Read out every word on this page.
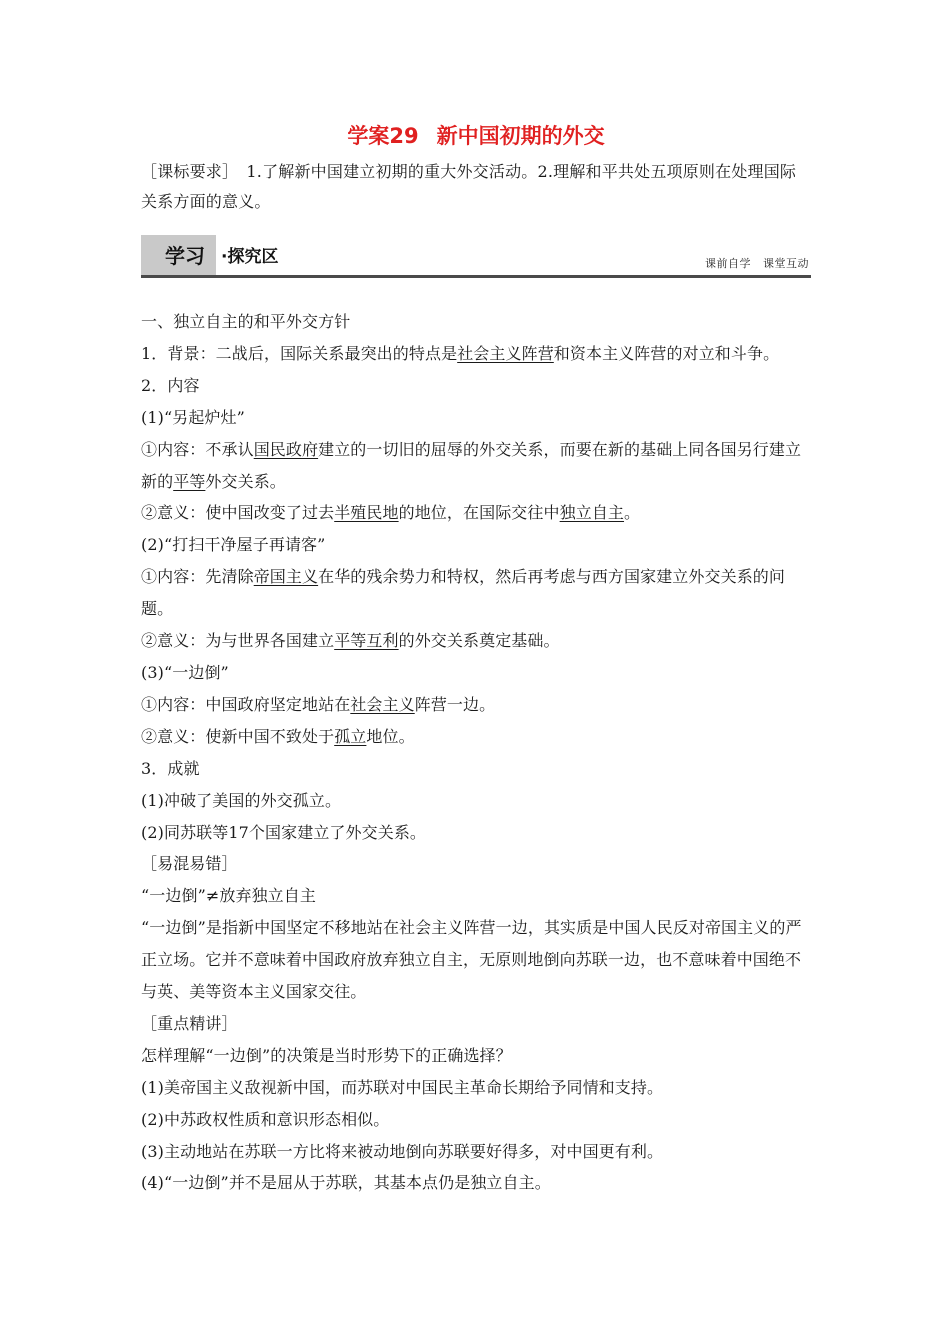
学案29 新中国初期的外交
［课标要求］　1.了解新中国建立初期的重大外交活动。2.理解和平共处五项原则在处理国际关系方面的意义。
学习 ·探究区	课前自学 课堂互动

一、独立自主的和平外交方针

1．背景：二战后，国际关系最突出的特点是社会主义阵营和资本主义阵营的对立和斗争。

2．内容

(1)“另起炉灶”

①内容：不承认国民政府建立的一切旧的屈辱的外交关系，而要在新的基础上同各国另行建立新的平等外交关系。

②意义：使中国改变了过去半殖民地的地位，在国际交往中独立自主。

(2)“打扫干净屋子再请客”

①内容：先清除帝国主义在华的残余势力和特权，然后再考虑与西方国家建立外交关系的问题。

②意义：为与世界各国建立平等互利的外交关系奠定基础。

(3)“一边倒”

①内容：中国政府坚定地站在社会主义阵营一边。

②意义：使新中国不致处于孤立地位。

3．成就

(1)冲破了美国的外交孤立。

(2)同苏联等17个国家建立了外交关系。

［易混易错］

“一边倒”≠放弃独立自主

“一边倒”是指新中国坚定不移地站在社会主义阵营一边，其实质是中国人民反对帝国主义的严正立场。它并不意味着中国政府放弃独立自主，无原则地倒向苏联一边，也不意味着中国绝不与英、美等资本主义国家交往。

［重点精讲］

怎样理解“一边倒”的决策是当时形势下的正确选择？

(1)美帝国主义敌视新中国，而苏联对中国民主革命长期给予同情和支持。

(2)中苏政权性质和意识形态相似。

(3)主动地站在苏联一方比将来被动地倒向苏联要好得多，对中国更有利。

(4)“一边倒”并不是屈从于苏联，其基本点仍是独立自主。
